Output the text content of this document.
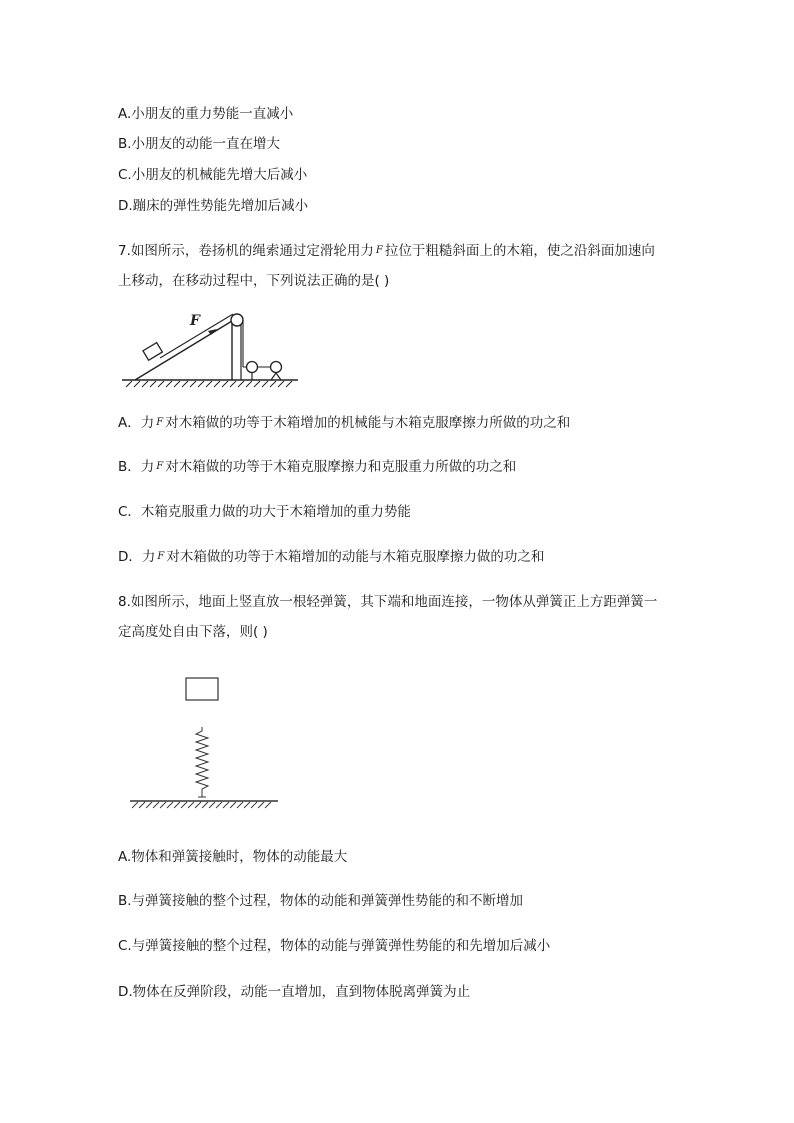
A.小朋友的重力势能一直减小
B.小朋友的动能一直在增大
C.小朋友的机械能先增大后减小
D.蹦床的弹性势能先增加后减小
7.如图所示，卷扬机的绳索通过定滑轮用力 F 拉位于粗糙斜面上的木箱，使之沿斜面加速向
上移动，在移动过程中，下列说法正确的是( )
F
A．力 F 对木箱做的功等于木箱增加的机械能与木箱克服摩擦力所做的功之和
B．力 F 对木箱做的功等于木箱克服摩擦力和克服重力所做的功之和
C．木箱克服重力做的功大于木箱增加的重力势能
D．力 F 对木箱做的功等于木箱增加的动能与木箱克服摩擦力做的功之和
8.如图所示，地面上竖直放一根轻弹簧，其下端和地面连接，一物体从弹簧正上方距弹簧一
定高度处自由下落，则( )
A.物体和弹簧接触时，物体的动能最大
B.与弹簧接触的整个过程，物体的动能和弹簧弹性势能的和不断增加
C.与弹簧接触的整个过程，物体的动能与弹簧弹性势能的和先增加后减小
D.物体在反弹阶段，动能一直增加，直到物体脱离弹簧为止
